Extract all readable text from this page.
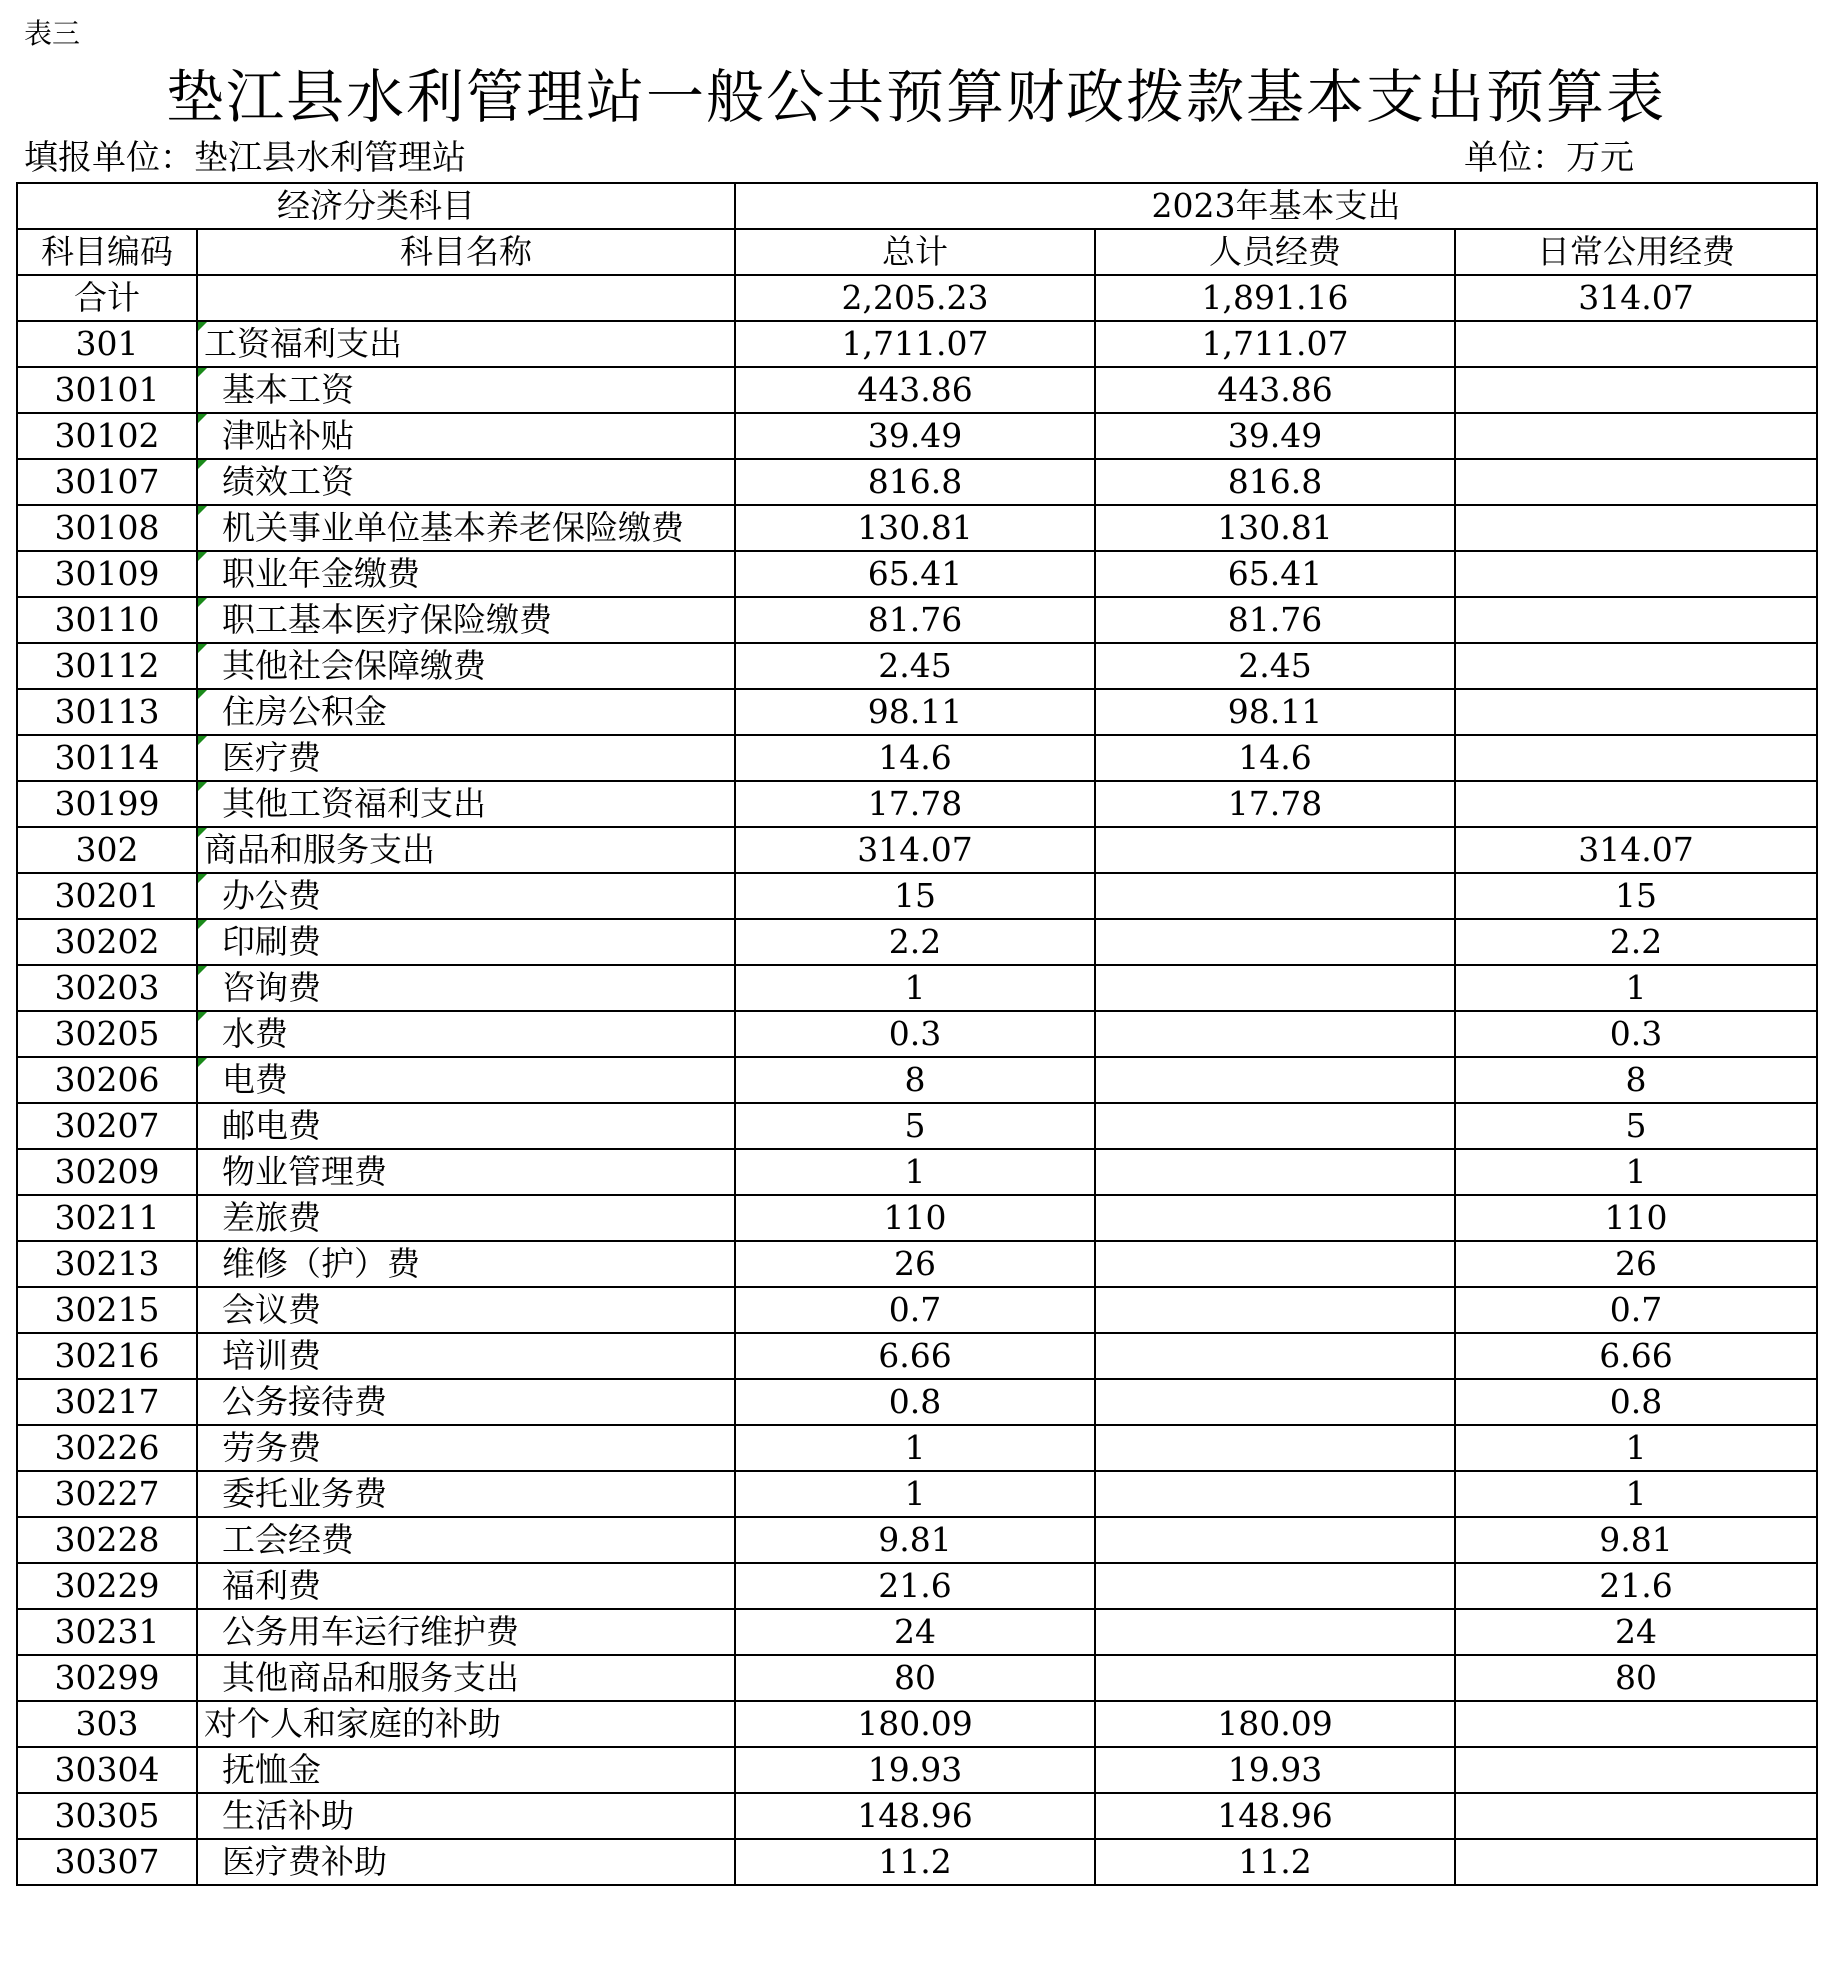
表三
垫江县水利管理站一般公共预算财政拨款基本支出预算表
填报单位：垫江县水利管理站	单位：万元
经济分类科目		2023年基本支出		
科目编码	科目名称	总计	人员经费	日常公用经费
合计		2,205.23	1,891.16	314.07
301	工资福利支出	1,711.07	1,711.07	
30101	基本工资	443.86	443.86	
30102	津贴补贴	39.49	39.49	
30107	绩效工资	816.8	816.8	
30108	机关事业单位基本养老保险缴费	130.81	130.81	
30109	职业年金缴费	65.41	65.41	
30110	职工基本医疗保险缴费	81.76	81.76	
30112	其他社会保障缴费	2.45	2.45	
30113	住房公积金	98.11	98.11	
30114	医疗费	14.6	14.6	
30199	其他工资福利支出	17.78	17.78	
302	商品和服务支出	314.07		314.07
30201	办公费	15		15
30202	印刷费	2.2		2.2
30203	咨询费	1		1
30205	水费	0.3		0.3
30206	电费	8		8
30207	邮电费	5		5
30209	物业管理费	1		1
30211	差旅费	110		110
30213	维修（护）费	26		26
30215	会议费	0.7		0.7
30216	培训费	6.66		6.66
30217	公务接待费	0.8		0.8
30226	劳务费	1		1
30227	委托业务费	1		1
30228	工会经费	9.81		9.81
30229	福利费	21.6		21.6
30231	公务用车运行维护费	24		24
30299	其他商品和服务支出	80		80
303	对个人和家庭的补助	180.09	180.09	
30304	抚恤金	19.93	19.93	
30305	生活补助	148.96	148.96	
30307	医疗费补助	11.2	11.2	
